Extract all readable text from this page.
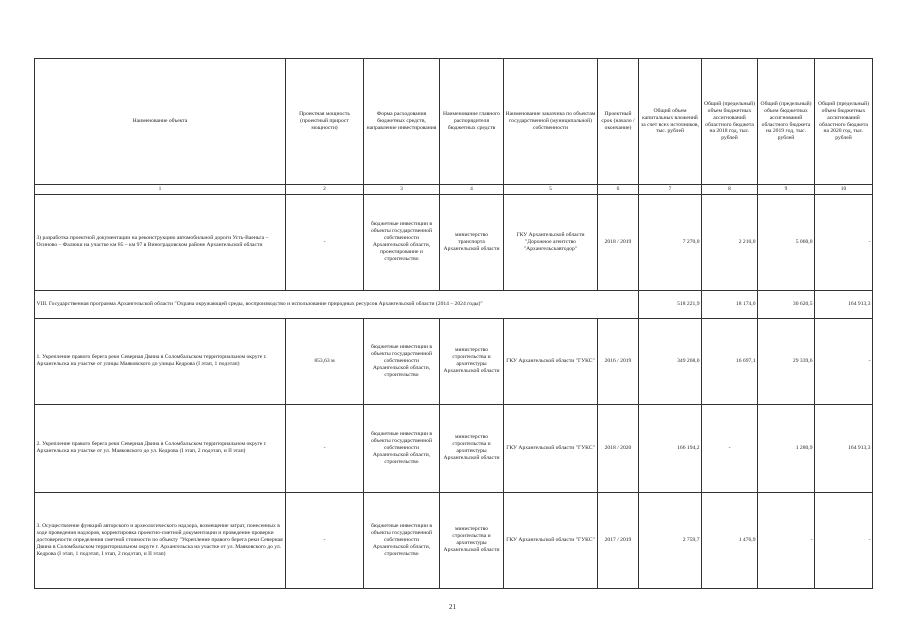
Наименование объекта	Проектная мощность (проектный прирост мощности)	Форма расходования бюджетных средств, направление инвестирования	Наименование главного распорядителя бюджетных средств	Наименование заказчика по объектам государственной (муниципальной) собственности	Проектный срок (начало / окончание)	Общий объем капитальных вложений за счет всех источников, тыс. рублей	Общий (предельный) объем бюджетных ассигнований областного бюджета на 2018 год, тыс. рублей	Общий (предельный) объем бюджетных ассигнований областного бюджета на 2019 год, тыс. рублей	Общий (предельный) объем бюджетных ассигнований областного бюджета на 2020 год, тыс. рублей
1	2	3	4	5	6	7	8	9	10
3) разработка проектной документации на реконструкцию автомобильной дороги Усть-Ваеньга – Осиново – Фалюки на участке км 85 – км 97 в Виноградовском районе Архангельской области	-	бюджетные инвестиции в объекты государственной собственности Архангельской области, проектирование и строительство	министерство транспорта Архангельской области	ГКУ Архангельской области "Дорожное агентство "Архангельскавтодор"	2018 / 2019	7 270,0	2 210,0	5 060,0	-
VIII. Государственная программа Архангельской области "Охрана окружающей среды, воспроизводство и использование природных ресурсов Архангельской области (2014 – 2024 годы)"						518 221,9	18 174,0	30 620,5	164 913,3
1. Укрепление правого берега реки Северная Двина в Соломбальском территориальном округе г. Архангельска на участке от улицы Маяковского до улицы Кедрова (I этап, 1 подэтап)	853,63 м	бюджетные инвестиции в объекты государственной собственности Архангельской области, строительство	министерство строительства и архитектуры Архангельской области	ГКУ Архангельской области "ГУКС"	2016 / 2019	349 268,0	16 697,1	29 339,6	-
2. Укрепление правого берега реки Северная Двина в Соломбальском территориальном округе г. Архангельска на участке от ул. Маяковского до ул. Кедрова (I этап, 2 подэтап, и II этап)	-	бюджетные инвестиции в объекты государственной собственности Архангельской области, строительство	министерство строительства и архитектуры Архангельской области	ГКУ Архангельской области "ГУКС"	2018 / 2020	166 194,2	-	1 280,9	164 913,3
3. Осуществление функций авторского и археологического надзора, возмещение затрат, понесенных в ходе проведения надзоров, корректировка проектно-сметной документации и проведение проверки достоверности определения сметной стоимости по объекту "Укрепление правого берега реки Северная Двина в Соломбальском территориальном округе г. Архангельска на участке от ул. Маяковского до ул. Кедрова (I этап, 1 подэтап, I этап, 2 подэтап, и II этап)	-	бюджетные инвестиции в объекты государственной собственности Архангельской области, строительство	министерство строительства и архитектуры Архангельской области	ГКУ Архангельской области "ГУКС"	2017 / 2019	2 759,7	1 476,9	-	-
21
